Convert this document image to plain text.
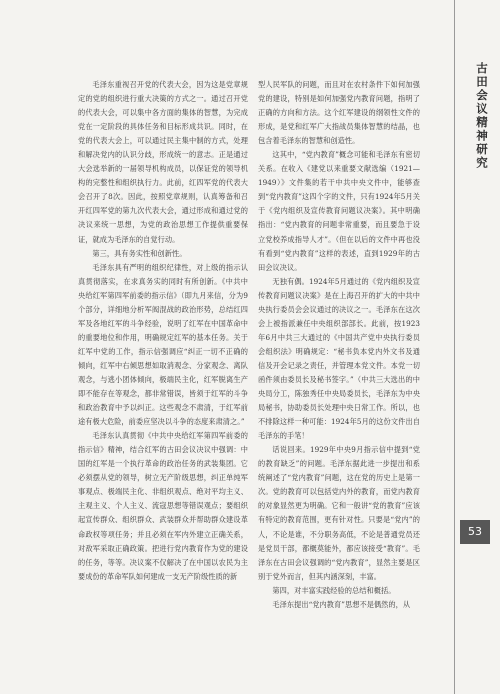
毛泽东重视召开党的代表大会，因为这是党章规定的党的组织进行重大决策的方式之一。通过召开党的代表大会，可以集中各方面的集体的智慧，为完成党在一定阶段的具体任务和目标形成共识。同时，在党的代表大会上，可以通过民主集中制的方式，处理和解决党内的认识分歧，形成统一的意志。正是通过大会选举新的一届领导机构成员，以保证党的领导机构的完整性和组织执行力。此前，红四军党的代表大会召开了8次。因此，按照党章规则，认真筹备和召开红四军党的第九次代表大会，通过形成和通过党的决议来统一思想，为党的政治思想工作提供重要保证，就成为毛泽东的自觉行动。

第三，具有务实性和创新性。

毛泽东具有严明的组织纪律性，对上级的指示认真贯彻落实，在求真务实的同时有所创新。《中共中央给红军第四军前委的指示信》（即九月来信，分为9个部分，详细地分析军阀混战的政治形势，总结红四军及各地红军的斗争经验，说明了红军在中国革命中的重要地位和作用，明确规定红军的基本任务。关于红军中党的工作，指示信强调应“纠正一切不正确的倾向，红军中右倾思想如取消观念、分家观念、离队观念，与逃小团体倾向，极端民主化，红军脱离生产即不能存在等观念，都非常错误，皆须于红军的斗争和政治教育中予以纠正。这些观念不肃清，于红军前途有极大危险，前委应坚决以斗争的态度来肃清之。”

毛泽东认真贯彻《中共中央给红军第四军前委的指示信》精神，结合红军的古田会议决议中强调：中国的红军是一个执行革命的政治任务的武装集团。它必须摆从党的领导，树立无产阶级思想，纠正单纯军事观点、极端民主化、非组织观点、绝对平均主义、主观主义、个人主义、流寇思想等错误观点；要组织起宣传群众、组织群众、武装群众并帮助群众建设革命政权等项任务；并且必须在军内外建立正确关系，对敌军采取正确政策。把进行党内教育作为党的建设的任务，等等。决议案不仅解决了在中国以农民为主要成份的革命军队如何建成一支无产阶级性质的新

型人民军队的问题，而且对在农村条件下如何加强党的建设，特别是如何加强党内教育问题，指明了正确的方向和方法。这个红军建设的纲领性文件的形成，是党和红军广大指战员集体智慧的结晶，也包含着毛泽东的智慧和创造性。

这其中，“党内教育”概念可能和毛泽东有密切关系。在收入《建党以来重要文献选编（1921—1949）》文件集的若干中共中央文件中，能够查到“党内教育”这四个字的文件，只有1924年5月关于《党内组织及宣传教育问题议决案》。其中明确指出：“党内教育的问题非常重要，而且要急于设立党校养成指导人才”。（但在以后的文件中再也没有看到“党内教育”这样的表述，直到1929年的古田会议决议。

无独有偶。1924年5月通过的《党内组织及宣传教育问题议决案》是在上海召开的扩大的中共中央执行委员会会议通过的决议之一。毛泽东在这次会上被指派兼任中央组织部部长。此前，按1923年6月中共三大通过的《中国共产党中央执行委员会组织法》明确规定：“秘书负本党内外文书及通信及开会记录之责任，并管理本党文件。本党一切函件须由委员长及秘书签字。”（中共三大选出的中央局分工，陈独秀任中央局委员长，毛泽东为中央局秘书，协助委员长处理中央日常工作。所以，也不排除这样一种可能：1924年5月的这份文件出自毛泽东的手笔！

话说回来。1929年中央9月指示信中提到“党的教育缺乏”的问题。毛泽东据此进一步提出和系统阐述了“党内教育”问题，这在党的历史上是第一次。党的教育可以包括党内外的教育，而党内教育的对象显然更为明确。它和一般讲“党的教育”应该有特定的教育范围，更有针对性。只要是“党内”的人，不论是谁，不分职务高低，不论是普通党员还是党员干部，都概莫能外，都应该接受“教育”。毛泽东在古田会议强调的“党内教育”，显然主要是区别于党外而言，但其内涵深刻，丰富。

第四，对丰富实践经验的总结和概括。

毛泽东提出“党内教育”思想不是偶然的，从

古田会议精神研究
53
